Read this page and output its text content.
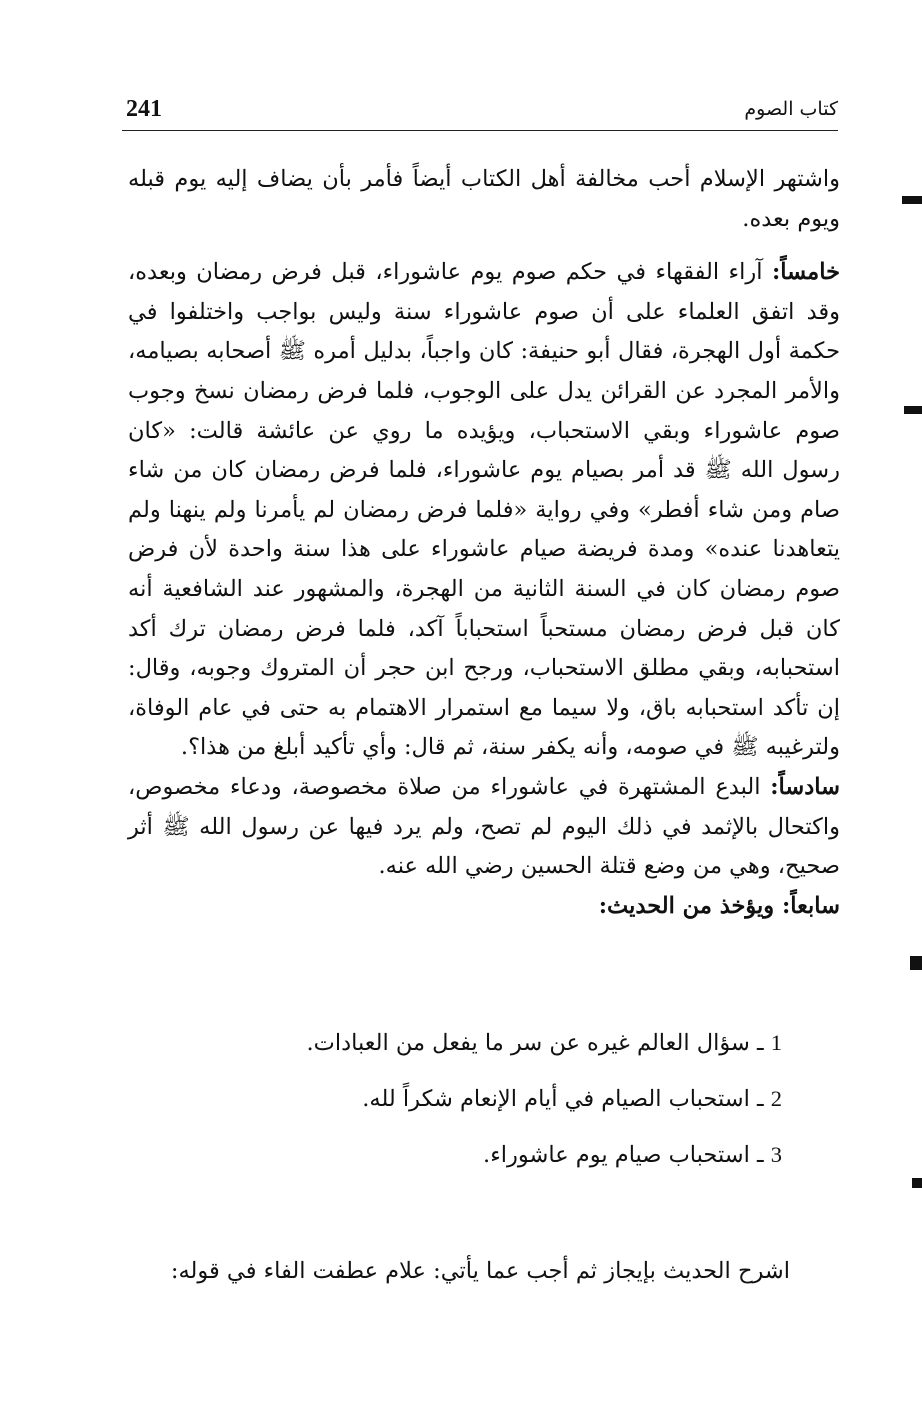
241	كتاب الصوم

واشتهر الإسلام أحب مخالفة أهل الكتاب أيضاً فأمر بأن يضاف إليه يوم قبله ويوم بعده.

خامساً: آراء الفقهاء في حكم صوم يوم عاشوراء، قبل فرض رمضان وبعده، وقد اتفق العلماء على أن صوم عاشوراء سنة وليس بواجب واختلفوا في حكمة أول الهجرة، فقال أبو حنيفة: كان واجباً، بدليل أمره ﷺ أصحابه بصيامه، والأمر المجرد عن القرائن يدل على الوجوب، فلما فرض رمضان نسخ وجوب صوم عاشوراء وبقي الاستحباب، ويؤيده ما روي عن عائشة قالت: «كان رسول الله ﷺ قد أمر بصيام يوم عاشوراء، فلما فرض رمضان كان من شاء صام ومن شاء أفطر» وفي رواية «فلما فرض رمضان لم يأمرنا ولم ينهنا ولم يتعاهدنا عنده» ومدة فريضة صيام عاشوراء على هذا سنة واحدة لأن فرض صوم رمضان كان في السنة الثانية من الهجرة، والمشهور عند الشافعية أنه كان قبل فرض رمضان مستحباً استحباباً آكد، فلما فرض رمضان ترك أكد استحبابه، وبقي مطلق الاستحباب، ورجح ابن حجر أن المتروك وجوبه، وقال: إن تأكد استحبابه باق، ولا سيما مع استمرار الاهتمام به حتى في عام الوفاة، ولترغيبه ﷺ في صومه، وأنه يكفر سنة، ثم قال: وأي تأكيد أبلغ من هذا؟.

سادساً: البدع المشتهرة في عاشوراء من صلاة مخصوصة، ودعاء مخصوص، واكتحال بالإثمد في ذلك اليوم لم تصح، ولم يرد فيها عن رسول الله ﷺ أثر صحيح، وهي من وضع قتلة الحسين رضي الله عنه.

سابعاً: ويؤخذ من الحديث:

1 ـ سؤال العالم غيره عن سر ما يفعل من العبادات.
2 ـ استحباب الصيام في أيام الإنعام شكراً لله.
3 ـ استحباب صيام يوم عاشوراء.
اشرح الحديث بإيجاز ثم أجب عما يأتي: علام عطفت الفاء في قوله:
